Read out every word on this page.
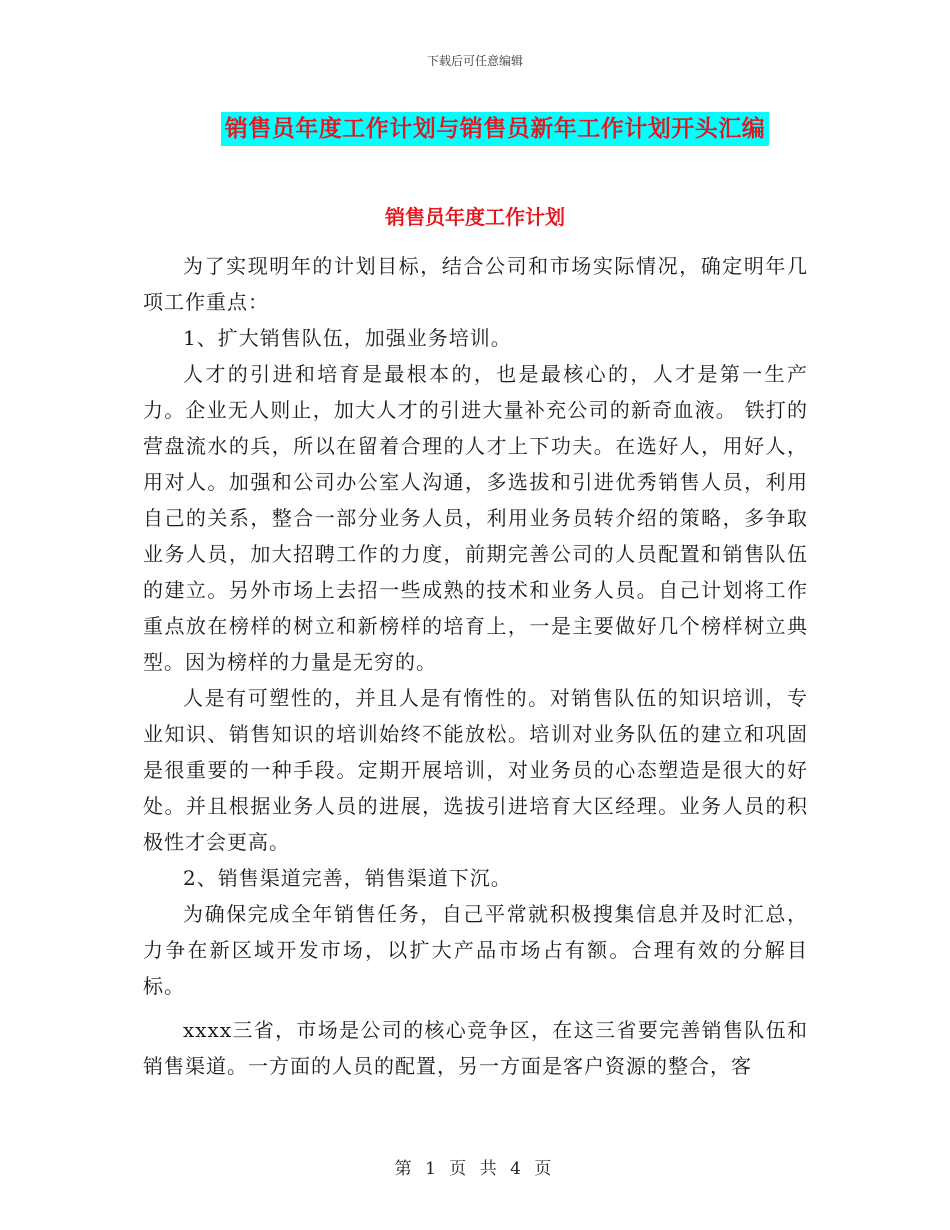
下载后可任意编辑
销售员年度工作计划与销售员新年工作计划开头汇编
销售员年度工作计划

为了实现明年的计划目标，结合公司和市场实际情况，确定明年几项工作重点：

1、扩大销售队伍，加强业务培训。

人才的引进和培育是最根本的，也是最核心的，人才是第一生产力。企业无人则止，加大人才的引进大量补充公司的新奇血液。 铁打的营盘流水的兵，所以在留着合理的人才上下功夫。在选好人，用好人，用对人。加强和公司办公室人沟通，多选拔和引进优秀销售人员，利用自己的关系，整合一部分业务人员，利用业务员转介绍的策略，多争取业务人员，加大招聘工作的力度，前期完善公司的人员配置和销售队伍的建立。另外市场上去招一些成熟的技术和业务人员。自己计划将工作重点放在榜样的树立和新榜样的培育上，一是主要做好几个榜样树立典型。因为榜样的力量是无穷的。

人是有可塑性的，并且人是有惰性的。对销售队伍的知识培训，专业知识、销售知识的培训始终不能放松。培训对业务队伍的建立和巩固是很重要的一种手段。定期开展培训，对业务员的心态塑造是很大的好处。并且根据业务人员的进展，选拔引进培育大区经理。业务人员的积极性才会更高。

2、销售渠道完善，销售渠道下沉。

为确保完成全年销售任务，自己平常就积极搜集信息并及时汇总，力争在新区域开发市场，以扩大产品市场占有额。合理有效的分解目标。

xxxx三省，市场是公司的核心竞争区，在这三省要完善销售队伍和销售渠道。一方面的人员的配置，另一方面是客户资源的整合，客

第 1 页 共 4 页
